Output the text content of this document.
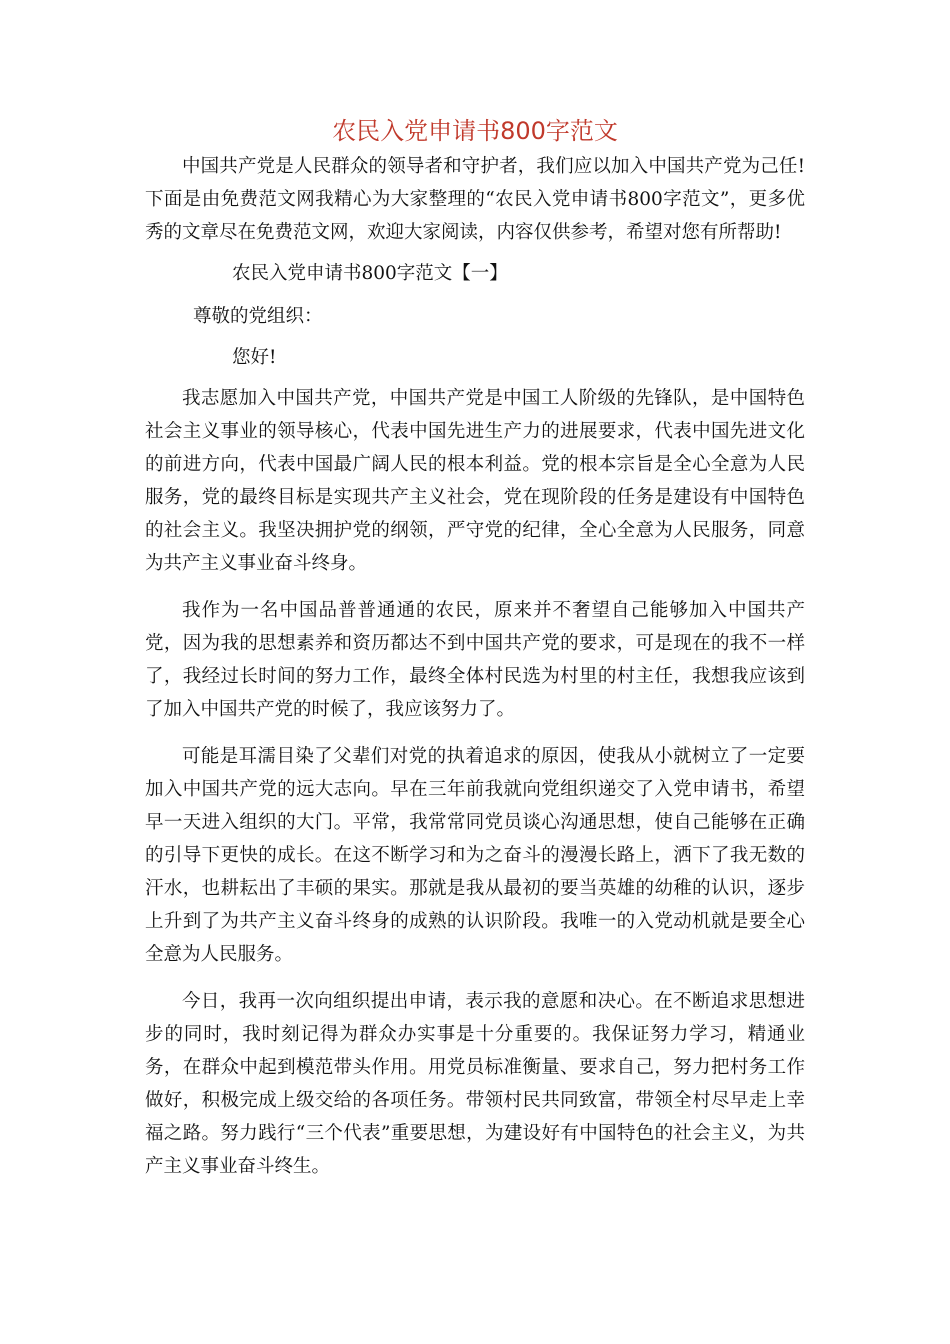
农民入党申请书800字范文

中国共产党是人民群众的领导者和守护者，我们应以加入中国共产党为己任!下面是由免费范文网我精心为大家整理的“农民入党申请书800字范文”，更多优秀的文章尽在免费范文网，欢迎大家阅读，内容仅供参考，希望对您有所帮助!

农民入党申请书800字范文【一】

尊敬的党组织：

您好!

我志愿加入中国共产党，中国共产党是中国工人阶级的先锋队，是中国特色社会主义事业的领导核心，代表中国先进生产力的进展要求，代表中国先进文化的前进方向，代表中国最广阔人民的根本利益。党的根本宗旨是全心全意为人民服务，党的最终目标是实现共产主义社会，党在现阶段的任务是建设有中国特色的社会主义。我坚决拥护党的纲领，严守党的纪律，全心全意为人民服务，同意为共产主义事业奋斗终身。

我作为一名中国品普普通通的农民，原来并不奢望自己能够加入中国共产党，因为我的思想素养和资历都达不到中国共产党的要求，可是现在的我不一样了，我经过长时间的努力工作，最终全体村民选为村里的村主任，我想我应该到了加入中国共产党的时候了，我应该努力了。

可能是耳濡目染了父辈们对党的执着追求的原因，使我从小就树立了一定要加入中国共产党的远大志向。早在三年前我就向党组织递交了入党申请书，希望早一天进入组织的大门。平常，我常常同党员谈心沟通思想，使自己能够在正确的引导下更快的成长。在这不断学习和为之奋斗的漫漫长路上，洒下了我无数的汗水，也耕耘出了丰硕的果实。那就是我从最初的要当英雄的幼稚的认识，逐步上升到了为共产主义奋斗终身的成熟的认识阶段。我唯一的入党动机就是要全心全意为人民服务。

今日，我再一次向组织提出申请，表示我的意愿和决心。在不断追求思想进步的同时，我时刻记得为群众办实事是十分重要的。我保证努力学习，精通业务，在群众中起到模范带头作用。用党员标准衡量、要求自己，努力把村务工作做好，积极完成上级交给的各项任务。带领村民共同致富，带领全村尽早走上幸福之路。努力践行“三个代表”重要思想，为建设好有中国特色的社会主义，为共产主义事业奋斗终生。
